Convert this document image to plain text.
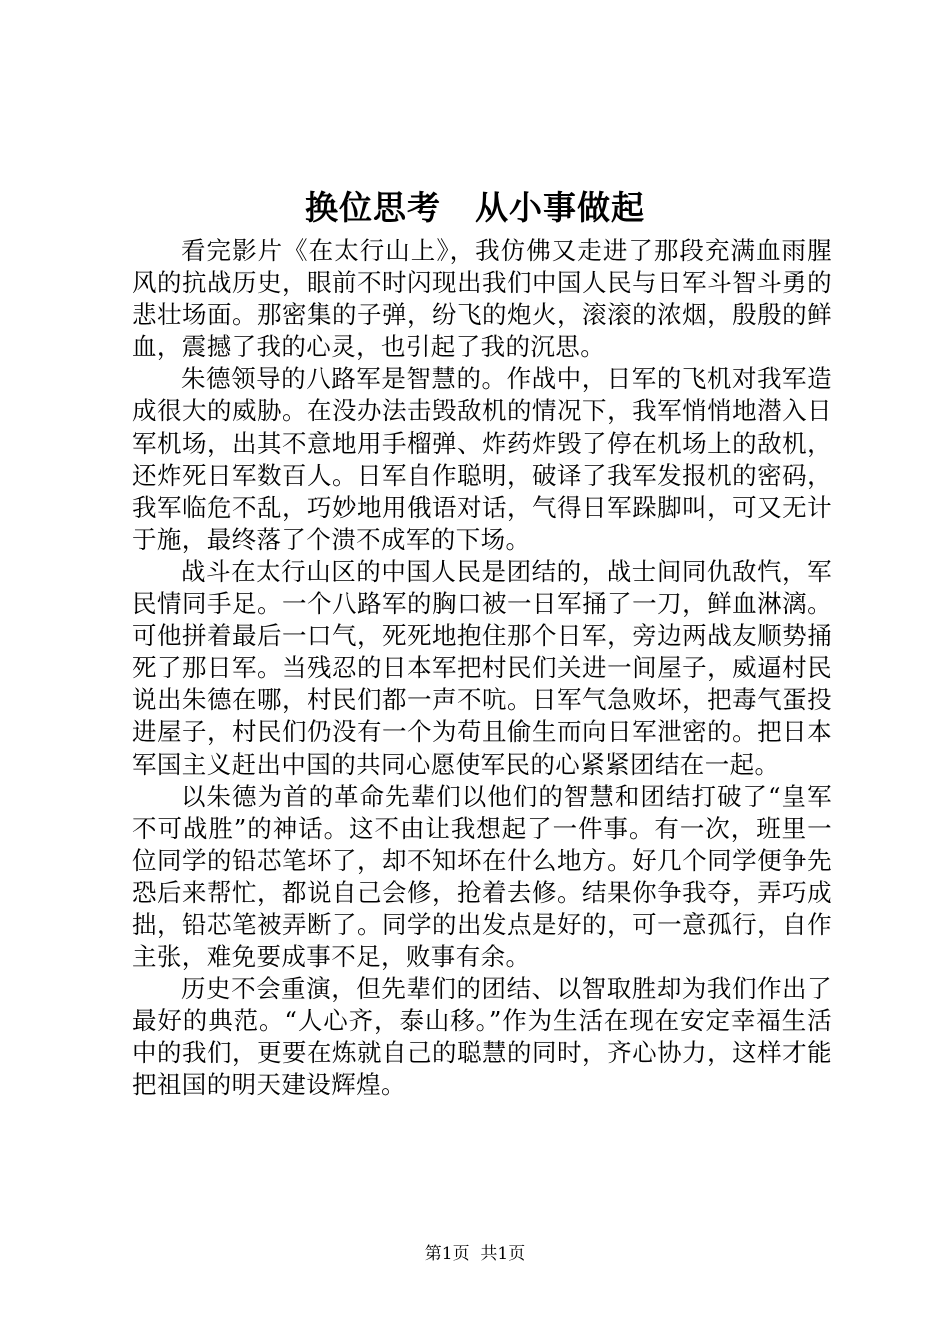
换位思考　从小事做起

看完影片《在太行山上》，我仿佛又走进了那段充满血雨腥风的抗战历史，眼前不时闪现出我们中国人民与日军斗智斗勇的悲壮场面。那密集的子弹，纷飞的炮火，滚滚的浓烟，殷殷的鲜血，震撼了我的心灵，也引起了我的沉思。

朱德领导的八路军是智慧的。作战中，日军的飞机对我军造成很大的威胁。在没办法击毁敌机的情况下，我军悄悄地潜入日军机场，出其不意地用手榴弹、炸药炸毁了停在机场上的敌机，还炸死日军数百人。日军自作聪明，破译了我军发报机的密码，我军临危不乱，巧妙地用俄语对话，气得日军跺脚叫，可又无计于施，最终落了个溃不成军的下场。

战斗在太行山区的中国人民是团结的，战士间同仇敌忾，军民情同手足。一个八路军的胸口被一日军捅了一刀，鲜血淋漓。可他拼着最后一口气，死死地抱住那个日军，旁边两战友顺势捅死了那日军。当残忍的日本军把村民们关进一间屋子，威逼村民说出朱德在哪，村民们都一声不吭。日军气急败坏，把毒气蛋投进屋子，村民们仍没有一个为苟且偷生而向日军泄密的。把日本军国主义赶出中国的共同心愿使军民的心紧紧团结在一起。

以朱德为首的革命先辈们以他们的智慧和团结打破了“皇军不可战胜”的神话。这不由让我想起了一件事。有一次，班里一位同学的铅芯笔坏了，却不知坏在什么地方。好几个同学便争先恐后来帮忙，都说自己会修，抢着去修。结果你争我夺，弄巧成拙，铅芯笔被弄断了。同学的出发点是好的，可一意孤行，自作主张，难免要成事不足，败事有余。

历史不会重演，但先辈们的团结、以智取胜却为我们作出了最好的典范。“人心齐，泰山移。”作为生活在现在安定幸福生活中的我们，更要在炼就自己的聪慧的同时，齐心协力，这样才能把祖国的明天建设辉煌。

第1页  共1页
